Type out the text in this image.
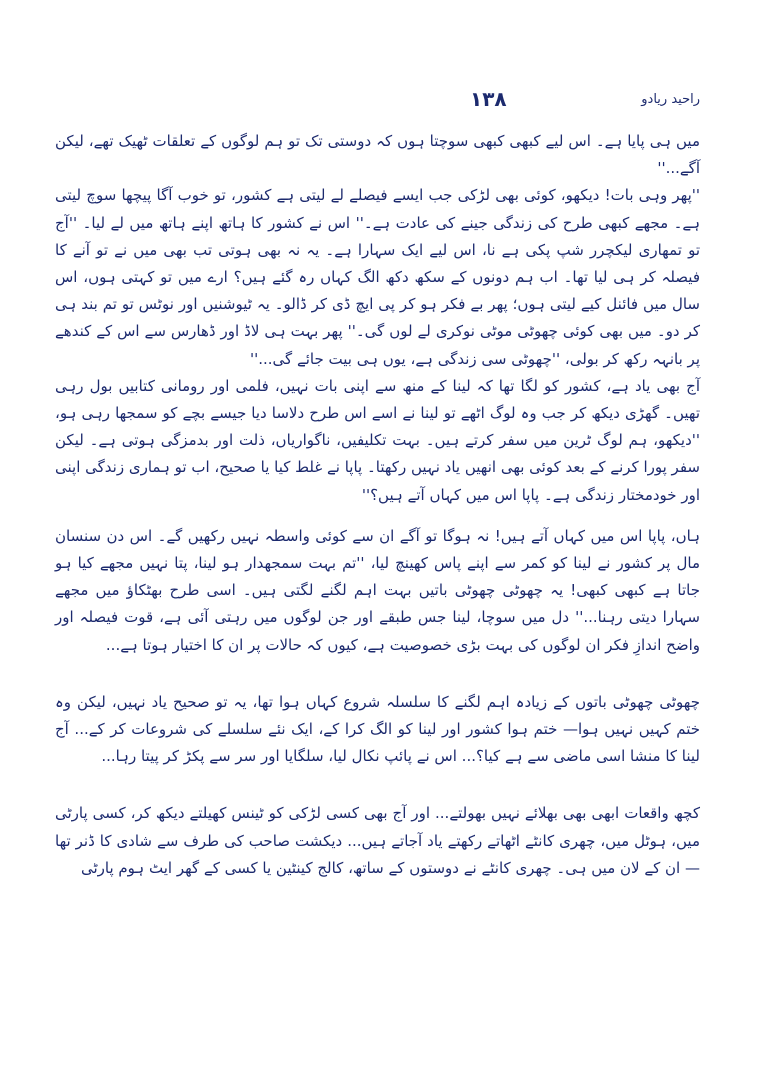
١٣٨	راحید ریادو

میں ہی پایا ہے۔ اس لیے کبھی کبھی سوچتا ہوں کہ دوستی تک تو ہم لوگوں کے تعلقات ٹھیک تھے، لیکن آگے...''

''پھر وہی بات! دیکھو، کوئی بھی لڑکی جب ایسے فیصلے لے لیتی ہے کشور، تو خوب آگا پیچھا سوچ لیتی ہے۔ مجھے کبھی طرح کی زندگی جینے کی عادت ہے۔'' اس نے کشور کا ہاتھ اپنے ہاتھ میں لے لیا۔ ''آج تو تمھاری لیکچرر شپ پکی ہے نا، اس لیے ایک سہارا ہے۔ یہ نہ بھی ہوتی تب بھی میں نے تو آنے کا فیصلہ کر ہی لیا تھا۔ اب ہم دونوں کے سکھ دکھ الگ کہاں رہ گئے ہیں؟ ارے میں تو کہتی ہوں، اس سال میں فائنل کیے لیتی ہوں؛ پھر بے فکر ہو کر پی ایچ ڈی کر ڈالو۔ یہ ٹیوشنیں اور نوٹس تو تم بند ہی کر دو۔ میں بھی کوئی چھوٹی موٹی نوکری لے لوں گی۔'' پھر بہت ہی لاڈ اور ڈھارس سے اس کے کندھے پر بانہہ رکھ کر بولی، ''چھوٹی سی زندگی ہے، یوں ہی بیت جائے گی...''

آج بھی یاد ہے، کشور کو لگا تھا کہ لینا کے منھ سے اپنی بات نہیں، فلمی اور رومانی کتابیں بول رہی تھیں۔ گھڑی دیکھ کر جب وہ لوگ اٹھے تو لینا نے اسے اس طرح دلاسا دیا جیسے بچے کو سمجھا رہی ہو، ''دیکھو، ہم لوگ ٹرین میں سفر کرتے ہیں۔ بہت تکلیفیں، ناگواریاں، ذلت اور بدمزگی ہوتی ہے۔ لیکن سفر پورا کرنے کے بعد کوئی بھی انھیں یاد نہیں رکھتا۔ پاپا نے غلط کیا یا صحیح، اب تو ہماری زندگی اپنی اور خودمختار زندگی ہے۔ پاپا اس میں کہاں آتے ہیں؟''

ہاں، پاپا اس میں کہاں آتے ہیں! نہ ہوگا تو آگے ان سے کوئی واسطہ نہیں رکھیں گے۔ اس دن سنسان مال پر کشور نے لینا کو کمر سے اپنے پاس کھینچ لیا، ''تم بہت سمجھدار ہو لینا، پتا نہیں مجھے کیا ہو جاتا ہے کبھی کبھی! یہ چھوٹی چھوٹی باتیں بہت اہم لگنے لگتی ہیں۔ اسی طرح بھٹکاؤ میں مجھے سہارا دیتی رہنا...'' دل میں سوچا، لینا جس طبقے اور جن لوگوں میں رہتی آئی ہے، قوت فیصلہ اور واضح اندازِ فکر ان لوگوں کی بہت بڑی خصوصیت ہے، کیوں کہ حالات پر ان کا اختیار ہوتا ہے...

چھوٹی چھوٹی باتوں کے زیادہ اہم لگنے کا سلسلہ شروع کہاں ہوا تھا، یہ تو صحیح یاد نہیں، لیکن وہ ختم کہیں نہیں ہوا— ختم ہوا کشور اور لینا کو الگ کرا کے، ایک نئے سلسلے کی شروعات کر کے... آج لینا کا منشا اسی ماضی سے ہے کیا؟... اس نے پائپ نکال لیا، سلگایا اور سر سے پکڑ کر پیتا رہا...

کچھ واقعات ابھی بھی بھلائے نہیں بھولتے... اور آج بھی کسی لڑکی کو ٹینس کھیلتے دیکھ کر، کسی پارٹی میں، ہوٹل میں، چھری کانٹے اٹھاتے رکھتے یاد آجاتے ہیں... دیکشت صاحب کی طرف سے شادی کا ڈنر تھا— ان کے لان میں ہی۔ چھری کانٹے نے دوستوں کے ساتھ، کالج کینٹین یا کسی کے گھر ایٹ ہوم پارٹی
